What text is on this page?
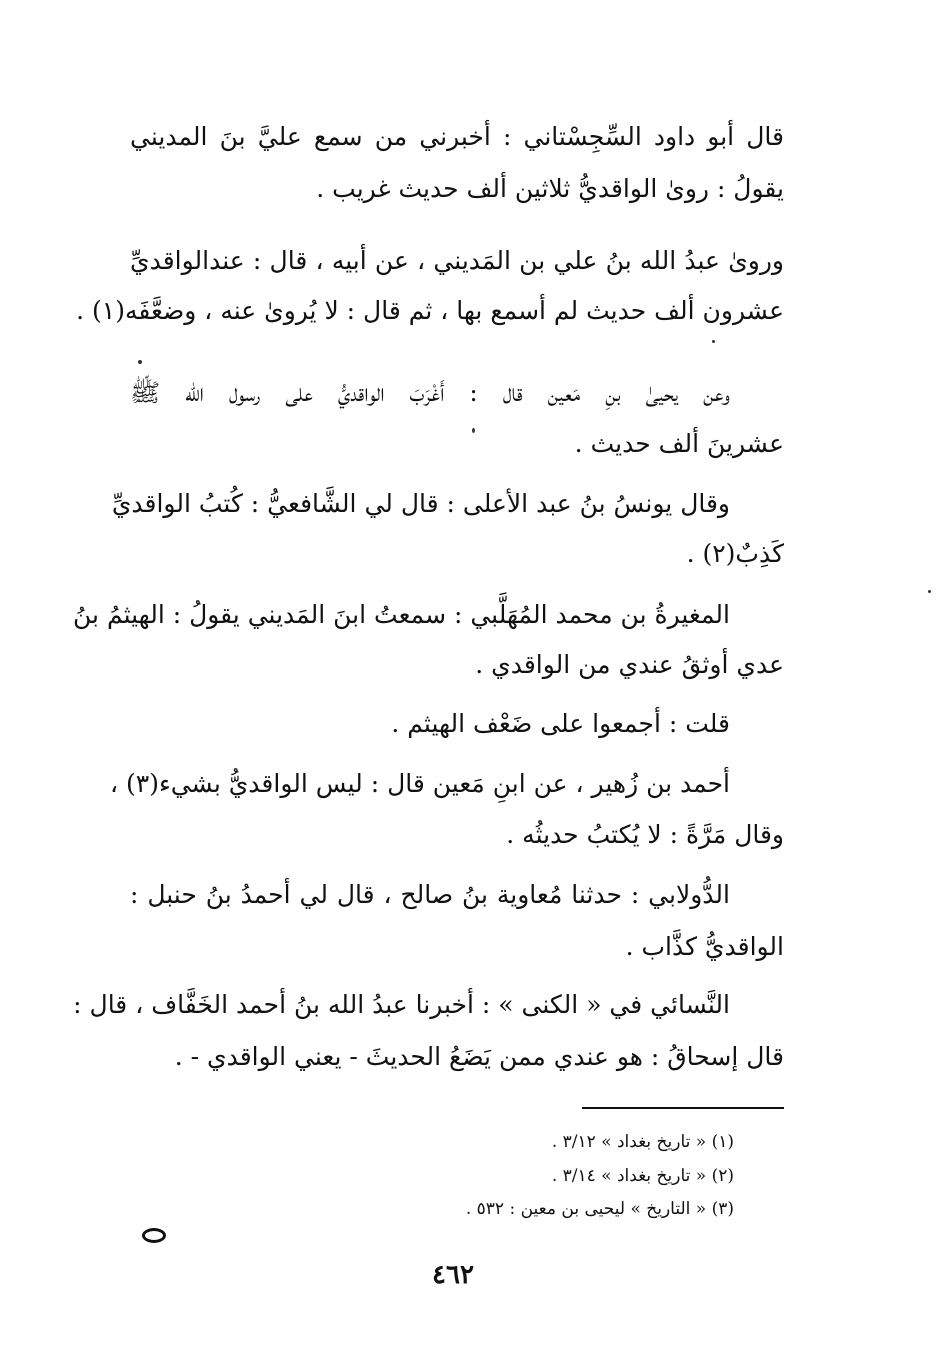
قال أبو داود السِّجِسْتاني : أخبرني من سمع عليَّ بنَ المديني
يقولُ : روىٰ الواقديُّ ثلاثين ألف حديث غريب .
وروىٰ عبدُ الله بنُ علي بن المَديني ، عن أبيه ، قال : عندالواقديِّ
عشرون ألف حديث لم أسمع بها ، ثم قال : لا يُروىٰ عنه ، وضعَّفَه(١) .
وعن يحيىٰ بنِ مَعين قال : أَغْرَبَ الواقديُّ على رسول الله ﷺ
عشرينَ ألف حديث .
وقال يونسُ بنُ عبد الأعلى : قال لي الشَّافعيُّ : كُتبُ الواقديِّ
كَذِبٌ(٢) .
المغيرةُ بن محمد المُهَلَّبي : سمعتُ ابنَ المَديني يقولُ : الهيثمُ بنُ
عدي أوثقُ عندي من الواقدي .
قلت : أجمعوا على ضَعْف الهيثم .
أحمد بن زُهير ، عن ابنِ مَعين قال : ليس الواقديُّ بشيء(٣) ،
وقال مَرَّةً : لا يُكتبُ حديثُه .
الدُّولابي : حدثنا مُعاوية بنُ صالح ، قال لي أحمدُ بنُ حنبل :
الواقديُّ كذَّاب .
النَّسائي في « الكنى » : أخبرنا عبدُ الله بنُ أحمد الخَفَّاف ، قال :
قال إسحاقُ : هو عندي ممن يَضَعُ الحديثَ - يعني الواقدي - .
(١) « تاريخ بغداد » ٣/١٢ .
(٢) « تاريخ بغداد » ٣/١٤ .
(٣) « التاريخ » ليحيى بن معين : ٥٣٢ .
٤٦٢
